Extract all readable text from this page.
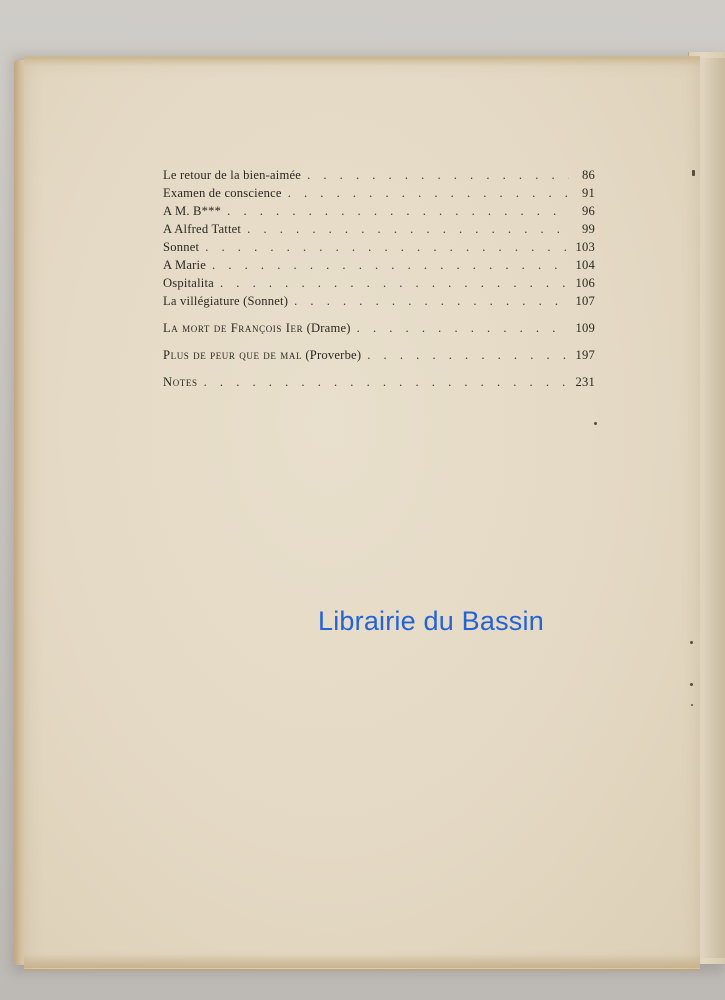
Le retour de la bien-aimée . . .	86
Examen de conscience . . .	91
A M. B*** . . .	96
A Alfred Tattet . . .	99
Sonnet . . .	103
A Marie . . .	104
Ospitalita . . .	106
La villégiature (Sonnet) . . .	107
La mort de François Ier (Drame) . . .	109
Plus de peur que de mal (Proverbe) . . .	197
Notes . . .	231
Librairie du Bassin
